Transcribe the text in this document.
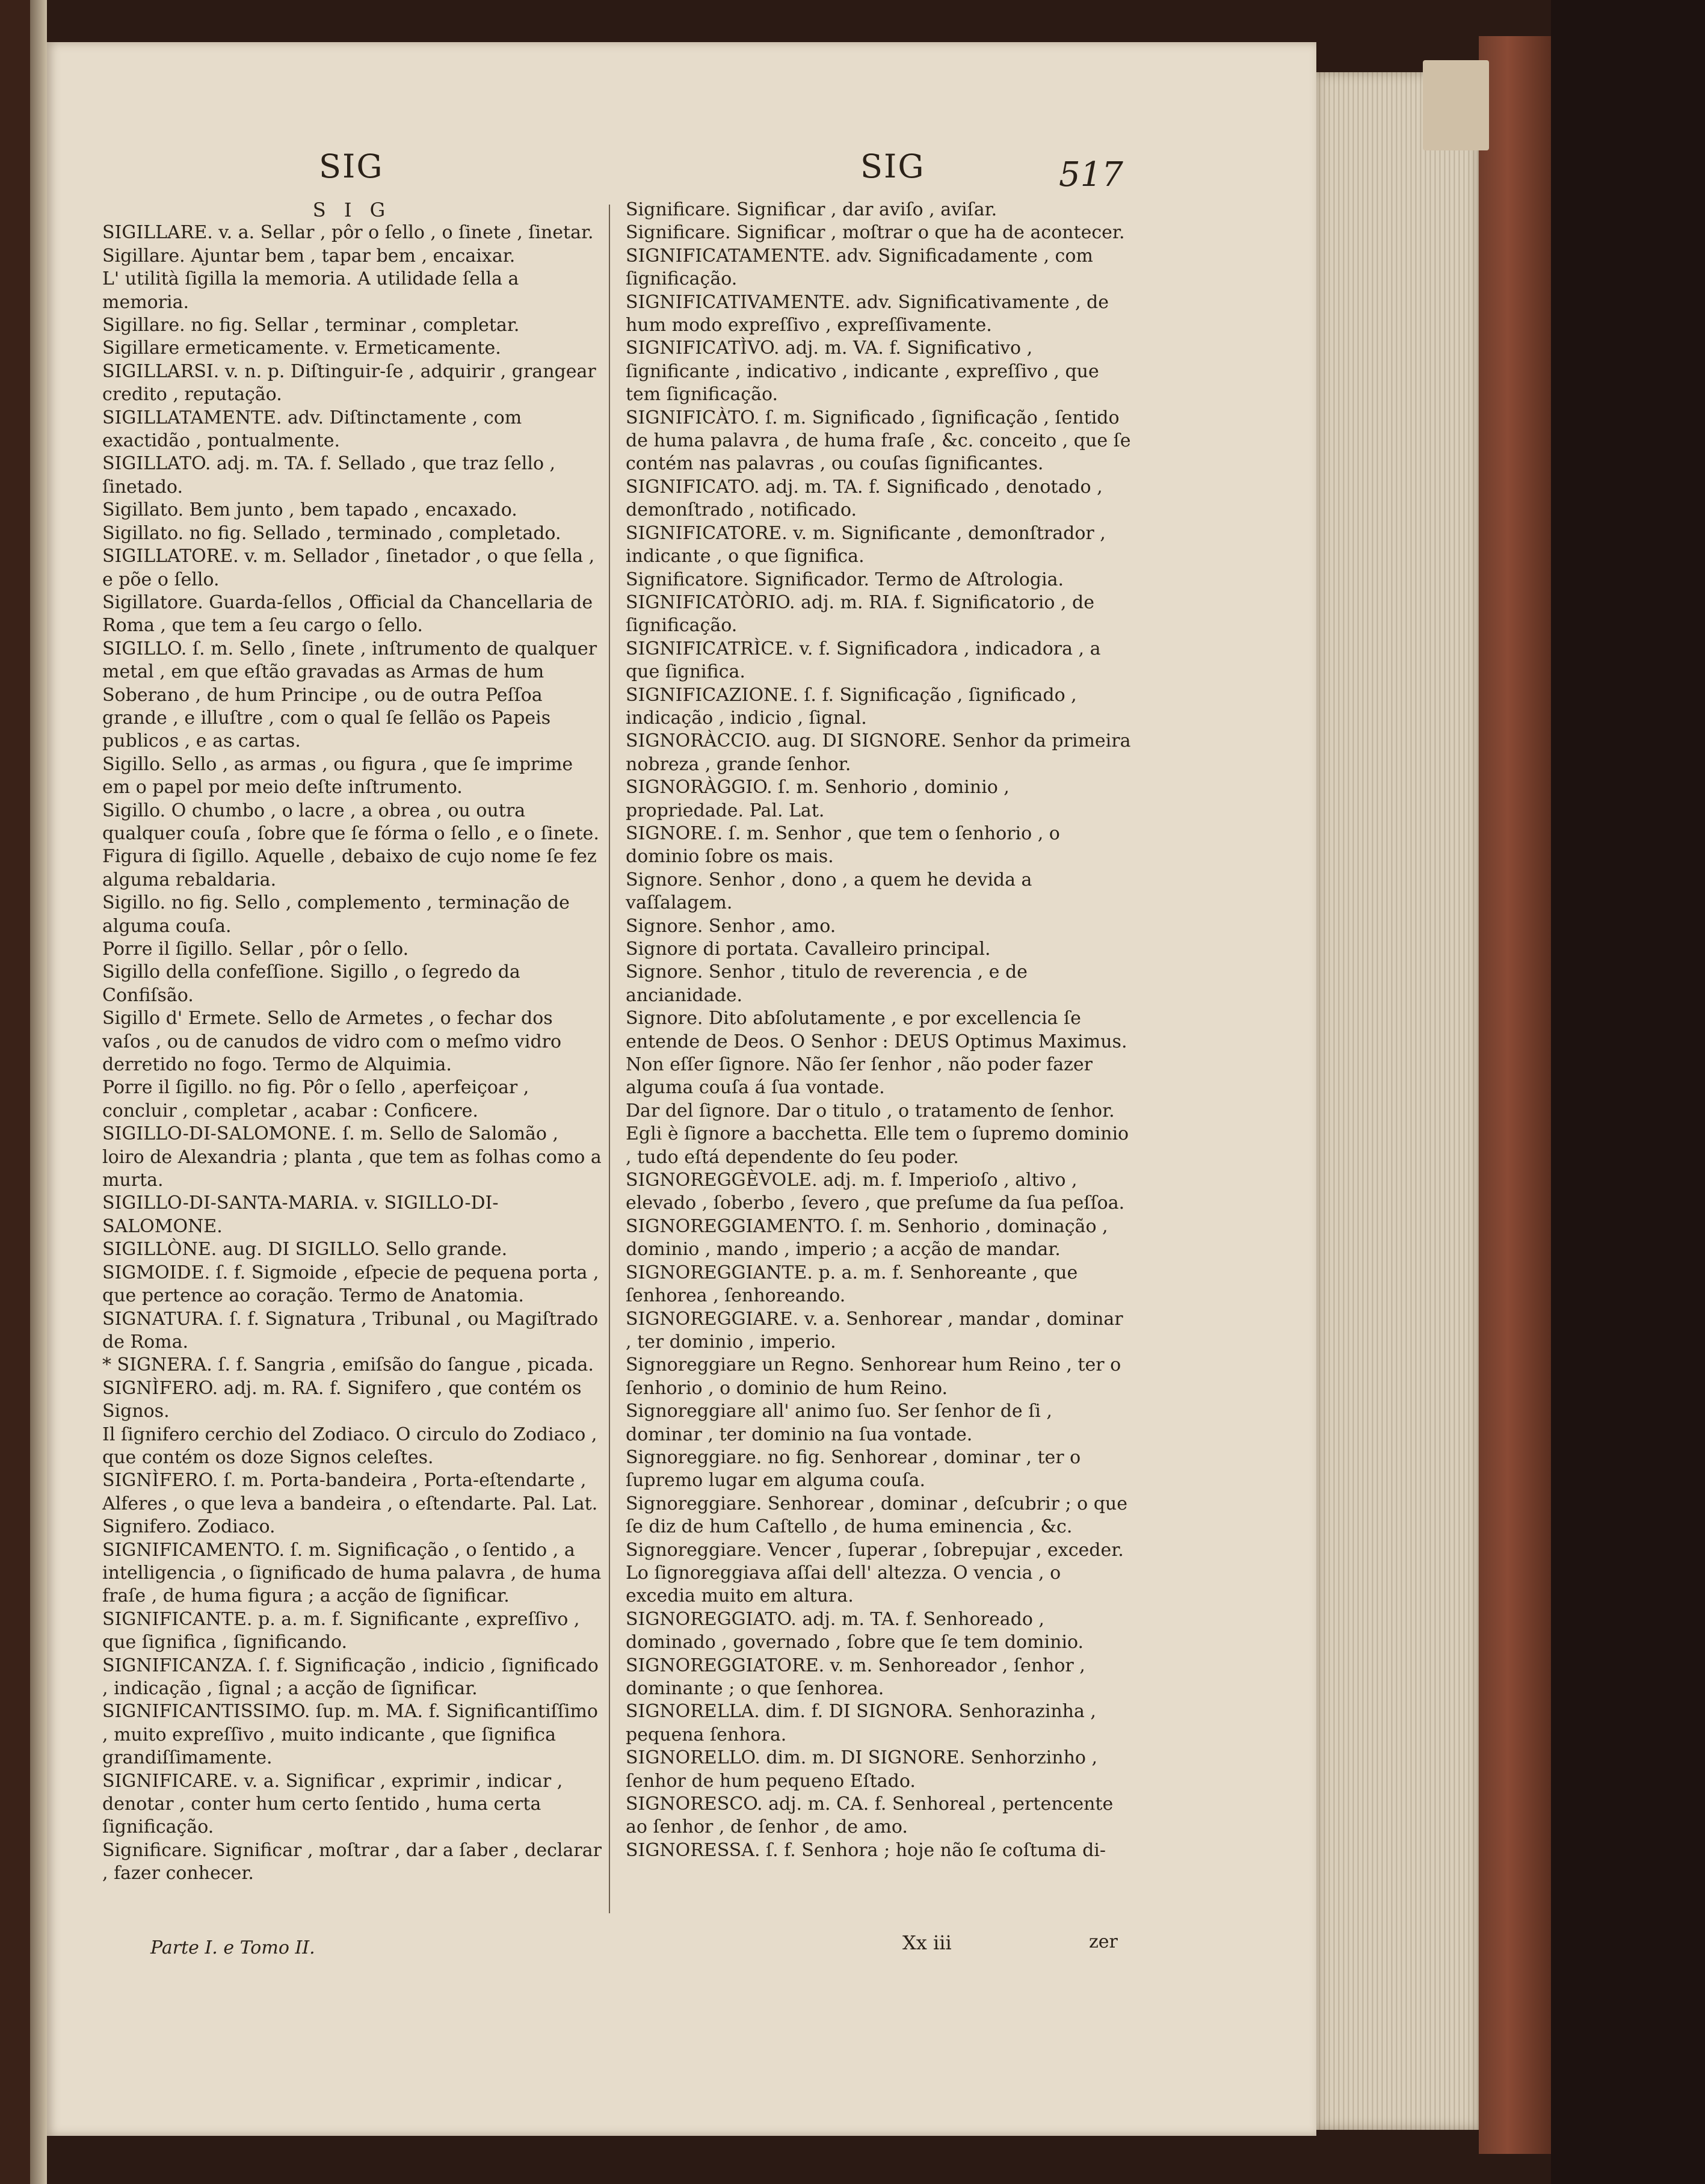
SIG	SIG	517

S I G

SIGILLARE. v. a. Sellar , pôr o ſello , o ſinete , ſinetar.

Sigillare. Ajuntar bem , tapar bem , encaixar.

L' utilità ſigilla la memoria. A utilidade ſella a memoria.

Sigillare. no fig. Sellar , terminar , completar.

Sigillare ermeticamente. v. Ermeticamente.

SIGILLARSI. v. n. p. Diſtinguir-ſe , adquirir , grangear credito , reputação.

SIGILLATAMENTE. adv. Diſtinctamente , com exactidão , pontualmente.

SIGILLATO. adj. m. TA. f. Sellado , que traz ſello , ſinetado.

Sigillato. Bem junto , bem tapado , encaxado.

Sigillato. no fig. Sellado , terminado , completado.

SIGILLATORE. v. m. Sellador , ſinetador , o que ſella , e põe o ſello.

Sigillatore. Guarda-ſellos , Official da Chancellaria de Roma , que tem a ſeu cargo o ſello.

SIGILLO. ſ. m. Sello , ſinete , inſtrumento de qualquer metal , em que eſtão gravadas as Armas de hum Soberano , de hum Principe , ou de outra Peſſoa grande , e illuſtre , com o qual ſe ſellão os Papeis publicos , e as cartas.

Sigillo. Sello , as armas , ou figura , que ſe imprime em o papel por meio deſte inſtrumento.

Sigillo. O chumbo , o lacre , a obrea , ou outra qualquer couſa , ſobre que ſe fórma o ſello , e o ſinete.

Figura di ſigillo. Aquelle , debaixo de cujo nome ſe fez alguma rebaldaria.

Sigillo. no fig. Sello , complemento , terminação de alguma couſa.

Porre il ſigillo. Sellar , pôr o ſello.

Sigillo della confeſſione. Sigillo , o ſegredo da Confiſsão.

Sigillo d' Ermete. Sello de Armetes , o fechar dos vaſos , ou de canudos de vidro com o meſmo vidro derretido no fogo. Termo de Alquimia.

Porre il ſigillo. no fig. Pôr o ſello , aperfeiçoar , concluir , completar , acabar : Conficere.

SIGILLO-DI-SALOMONE. ſ. m. Sello de Salomão , loiro de Alexandria ; planta , que tem as folhas como a murta.

SIGILLO-DI-SANTA-MARIA. v. SIGILLO-DI-SALOMONE.

SIGILLÒNE. aug. DI SIGILLO. Sello grande.

SIGMOIDE. ſ. f. Sigmoide , eſpecie de pequena porta , que pertence ao coração. Termo de Anatomia.

SIGNATURA. ſ. f. Signatura , Tribunal , ou Magiſtrado de Roma.

* SIGNERA. ſ. f. Sangria , emiſsão do ſangue , picada.

SIGNÌFERO. adj. m. RA. f. Signifero , que contém os Signos.

Il ſignifero cerchio del Zodiaco. O circulo do Zodiaco , que contém os doze Signos celeſtes.

SIGNÌFERO. ſ. m. Porta-bandeira , Porta-eſtendarte , Alferes , o que leva a bandeira , o eſtendarte. Pal. Lat.

Signifero. Zodiaco.

SIGNIFICAMENTO. ſ. m. Significação , o ſentido , a intelligencia , o ſignificado de huma palavra , de huma fraſe , de huma figura ; a acção de ſignificar.

SIGNIFICANTE. p. a. m. f. Significante , expreſſivo , que ſignifica , ſignificando.

SIGNIFICANZA. ſ. f. Significação , indicio , ſignificado , indicação , ſignal ; a acção de ſignificar.

SIGNIFICANTISSIMO. ſup. m. MA. f. Significantiſſimo , muito expreſſivo , muito indicante , que ſignifica grandiſſimamente.

SIGNIFICARE. v. a. Significar , exprimir , indicar , denotar , conter hum certo ſentido , huma certa ſignificação.

Significare. Significar , moſtrar , dar a ſaber , declarar , fazer conhecer.

Significare. Significar , dar aviſo , aviſar.

Significare. Significar , moſtrar o que ha de acontecer.

SIGNIFICATAMENTE. adv. Significadamente , com ſignificação.

SIGNIFICATIVAMENTE. adv. Significativamente , de hum modo expreſſivo , expreſſivamente.

SIGNIFICATÌVO. adj. m. VA. f. Significativo , ſignificante , indicativo , indicante , expreſſivo , que tem ſignificação.

SIGNIFICÀTO. ſ. m. Significado , ſignificação , ſentido de huma palavra , de huma fraſe , &c. conceito , que ſe contém nas palavras , ou couſas ſignificantes.

SIGNIFICATO. adj. m. TA. f. Significado , denotado , demonſtrado , notificado.

SIGNIFICATORE. v. m. Significante , demonſtrador , indicante , o que ſignifica.

Significatore. Significador. Termo de Aſtrologia.

SIGNIFICATÒRIO. adj. m. RIA. f. Significatorio , de ſignificação.

SIGNIFICATRÌCE. v. f. Significadora , indicadora , a que ſignifica.

SIGNIFICAZIONE. ſ. f. Significação , ſignificado , indicação , indicio , ſignal.

SIGNORÀCCIO. aug. DI SIGNORE. Senhor da primeira nobreza , grande ſenhor.

SIGNORÀGGIO. ſ. m. Senhorio , dominio , propriedade. Pal. Lat.

SIGNORE. ſ. m. Senhor , que tem o ſenhorio , o dominio ſobre os mais.

Signore. Senhor , dono , a quem he devida a vaſſalagem.

Signore. Senhor , amo.

Signore di portata. Cavalleiro principal.

Signore. Senhor , titulo de reverencia , e de ancianidade.

Signore. Dito abſolutamente , e por excellencia ſe entende de Deos. O Senhor : DEUS Optimus Maximus.

Non eſſer ſignore. Não ſer ſenhor , não poder fazer alguma couſa á ſua vontade.

Dar del ſignore. Dar o titulo , o tratamento de ſenhor.

Egli è ſignore a bacchetta. Elle tem o ſupremo dominio , tudo eſtá dependente do ſeu poder.

SIGNOREGGÈVOLE. adj. m. f. Imperioſo , altivo , elevado , ſoberbo , ſevero , que preſume da ſua peſſoa.

SIGNOREGGIAMENTO. ſ. m. Senhorio , dominação , dominio , mando , imperio ; a acção de mandar.

SIGNOREGGIANTE. p. a. m. f. Senhoreante , que ſenhorea , ſenhoreando.

SIGNOREGGIARE. v. a. Senhorear , mandar , dominar , ter dominio , imperio.

Signoreggiare un Regno. Senhorear hum Reino , ter o ſenhorio , o dominio de hum Reino.

Signoreggiare all' animo ſuo. Ser ſenhor de ſi , dominar , ter dominio na ſua vontade.

Signoreggiare. no fig. Senhorear , dominar , ter o ſupremo lugar em alguma couſa.

Signoreggiare. Senhorear , dominar , deſcubrir ; o que ſe diz de hum Caſtello , de huma eminencia , &c.

Signoreggiare. Vencer , ſuperar , ſobrepujar , exceder.

Lo ſignoreggiava aſſai dell' altezza. O vencia , o excedia muito em altura.

SIGNOREGGIATO. adj. m. TA. f. Senhoreado , dominado , governado , ſobre que ſe tem dominio.

SIGNOREGGIATORE. v. m. Senhoreador , ſenhor , dominante ; o que ſenhorea.

SIGNORELLA. dim. f. DI SIGNORA. Senhorazinha , pequena ſenhora.

SIGNORELLO. dim. m. DI SIGNORE. Senhorzinho , ſenhor de hum pequeno Eſtado.

SIGNORESCO. adj. m. CA. f. Senhoreal , pertencente ao ſenhor , de ſenhor , de amo.

SIGNORESSA. ſ. f. Senhora ; hoje não ſe coſtuma di-

Parte I. e Tomo II.	Xx iii	zer
